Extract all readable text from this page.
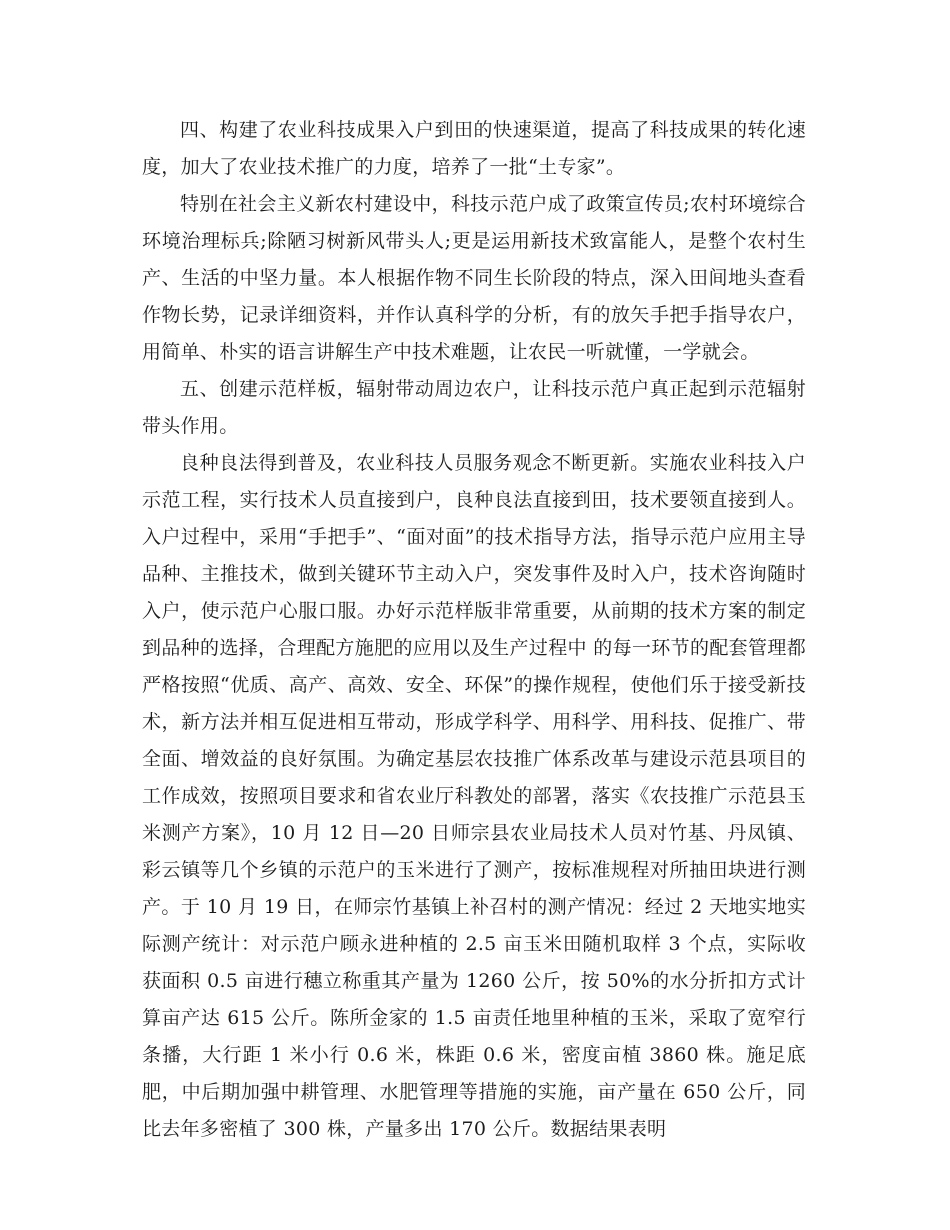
四、构建了农业科技成果入户到田的快速渠道，提高了科技成果的转化速度，加大了农业技术推广的力度，培养了一批“土专家”。

特别在社会主义新农村建设中，科技示范户成了政策宣传员;农村环境综合环境治理标兵;除陋习树新风带头人;更是运用新技术致富能人，是整个农村生产、生活的中坚力量。本人根据作物不同生长阶段的特点，深入田间地头查看作物长势，记录详细资料，并作认真科学的分析，有的放矢手把手指导农户，用简单、朴实的语言讲解生产中技术难题，让农民一听就懂，一学就会。

五、创建示范样板，辐射带动周边农户，让科技示范户真正起到示范辐射带头作用。

良种良法得到普及，农业科技人员服务观念不断更新。实施农业科技入户示范工程，实行技术人员直接到户，良种良法直接到田，技术要领直接到人。入户过程中，采用“手把手”、“面对面”的技术指导方法，指导示范户应用主导品种、主推技术，做到关键环节主动入户，突发事件及时入户，技术咨询随时入户，使示范户心服口服。办好示范样版非常重要，从前期的技术方案的制定到品种的选择，合理配方施肥的应用以及生产过程中 的每一环节的配套管理都严格按照“优质、高产、高效、安全、环保”的操作规程，使他们乐于接受新技术，新方法并相互促进相互带动，形成学科学、用科学、用科技、促推广、带全面、增效益的良好氛围。为确定基层农技推广体系改革与建设示范县项目的工作成效，按照项目要求和省农业厅科教处的部署，落实《农技推广示范县玉米测产方案》，10 月 12 日—20 日师宗县农业局技术人员对竹基、丹凤镇、彩云镇等几个乡镇的示范户的玉米进行了测产，按标准规程对所抽田块进行测产。于 10 月 19 日，在师宗竹基镇上补召村的测产情况：经过 2 天地实地实际测产统计：对示范户顾永进种植的 2.5 亩玉米田随机取样 3 个点，实际收获面积 0.5 亩进行穗立称重其产量为 1260 公斤，按 50%的水分折扣方式计算亩产达 615 公斤。陈所金家的 1.5 亩责任地里种植的玉米，采取了宽窄行条播，大行距 1 米小行 0.6 米，株距 0.6 米，密度亩植 3860 株。施足底肥，中后期加强中耕管理、水肥管理等措施的实施，亩产量在 650 公斤，同比去年多密植了 300 株，产量多出 170 公斤。数据结果表明
